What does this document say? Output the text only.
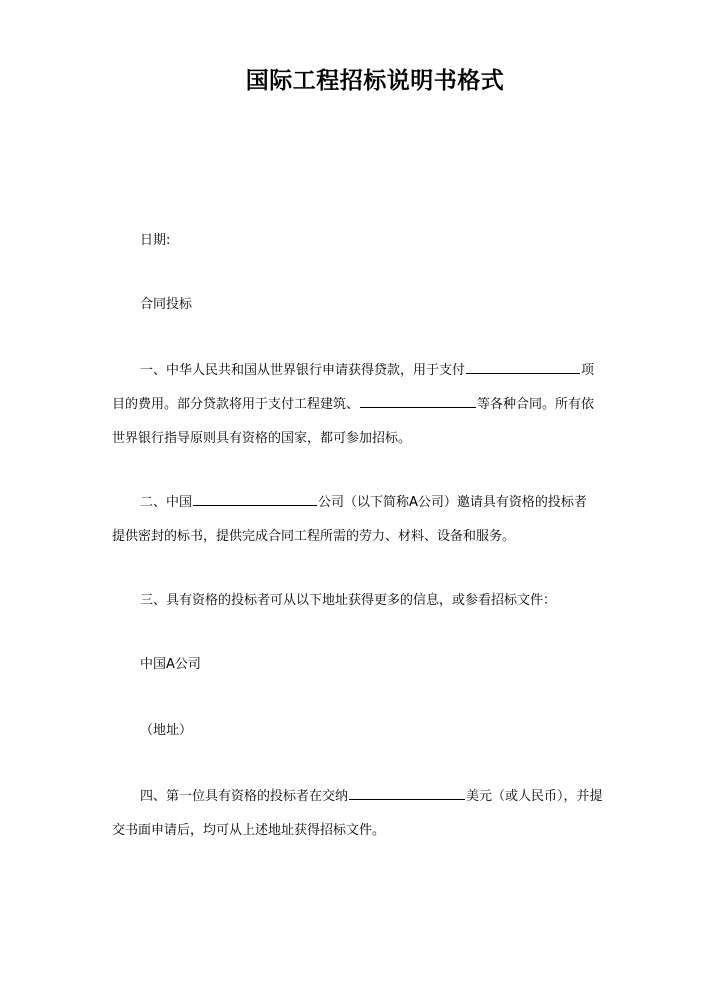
国际工程招标说明书格式

日期:

合同投标

一、中华人民共和国从世界银行申请获得贷款，用于支付	项
目的费用。部分贷款将用于支付工程建筑、	等各种合同。所有依
世界银行指导原则具有资格的国家，都可参加招标。
二、中国	公司（以下简称A公司）邀请具有资格的投标者
提供密封的标书，提供完成合同工程所需的劳力、材料、设备和服务。

三、具有资格的投标者可从以下地址获得更多的信息，或参看招标文件：

中国A公司

（地址）

四、第一位具有资格的投标者在交纳	美元（或人民币），并提
交书面申请后，均可从上述地址获得招标文件。
